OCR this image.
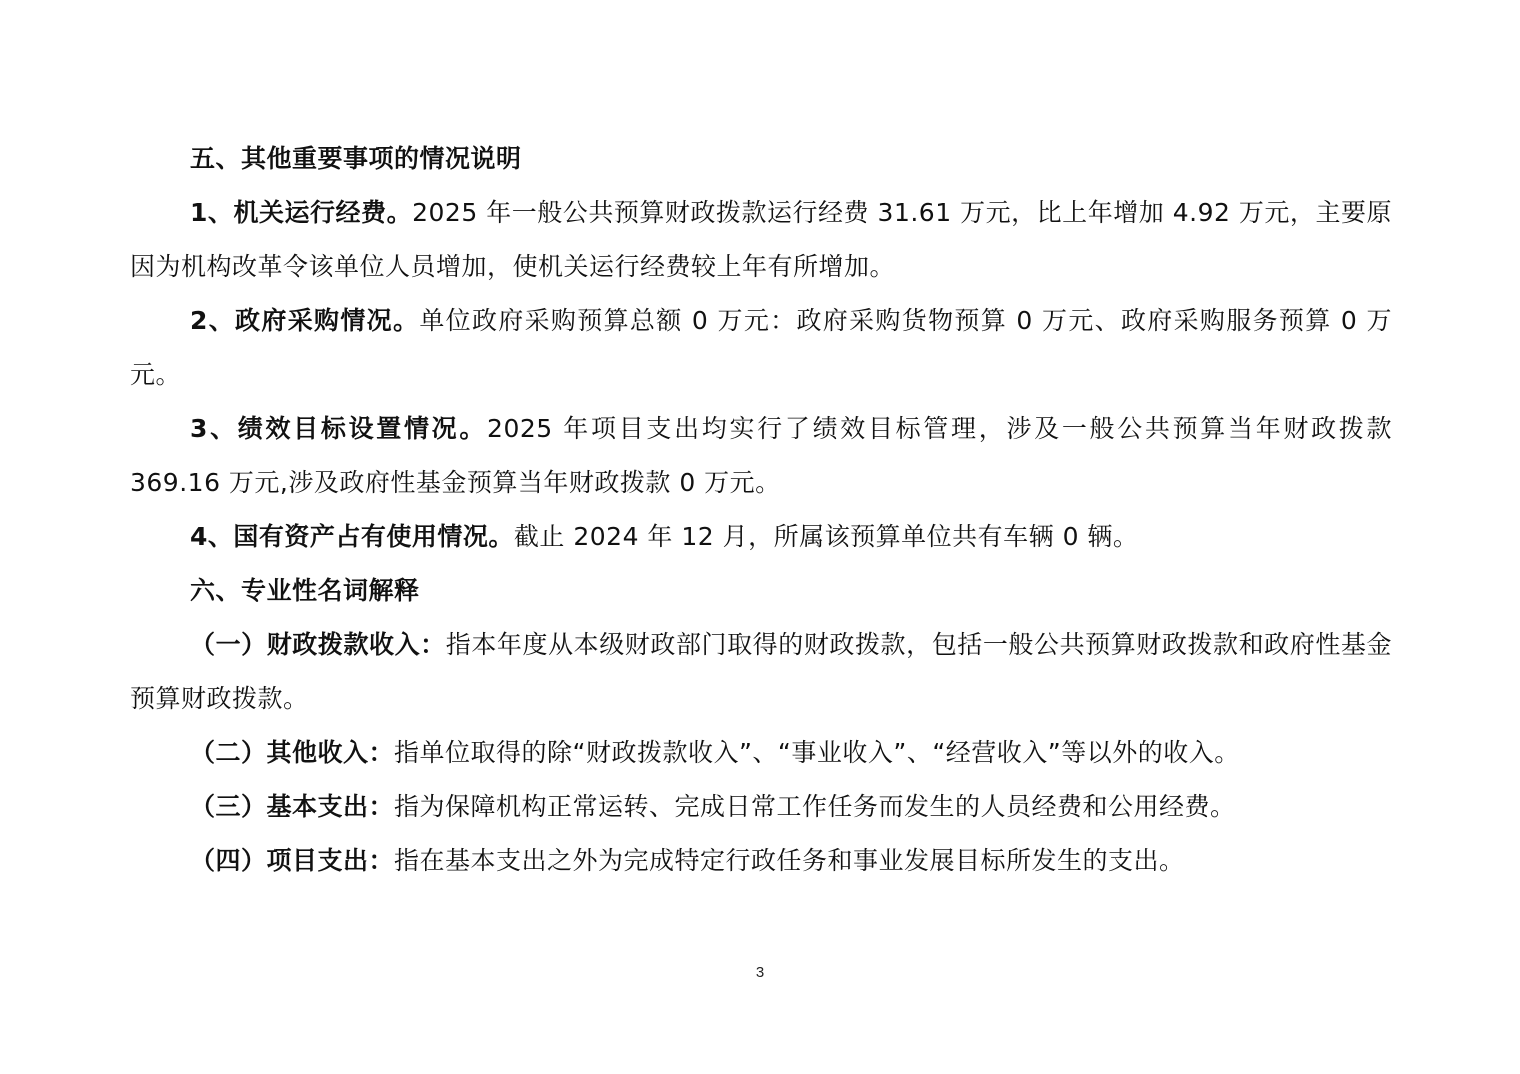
五、其他重要事项的情况说明

1、机关运行经费。2025 年一般公共预算财政拨款运行经费 31.61 万元，比上年增加 4.92 万元，主要原因为机构改革令该单位人员增加，使机关运行经费较上年有所增加。

2、政府采购情况。单位政府采购预算总额 0 万元：政府采购货物预算 0 万元、政府采购服务预算 0 万元。

3、绩效目标设置情况。2025 年项目支出均实行了绩效目标管理，涉及一般公共预算当年财政拨款 369.16 万元,涉及政府性基金预算当年财政拨款 0 万元。

4、国有资产占有使用情况。截止 2024 年 12 月，所属该预算单位共有车辆 0 辆。

六、专业性名词解释

（一）财政拨款收入：指本年度从本级财政部门取得的财政拨款，包括一般公共预算财政拨款和政府性基金预算财政拨款。

（二）其他收入：指单位取得的除“财政拨款收入”、“事业收入”、“经营收入”等以外的收入。

（三）基本支出：指为保障机构正常运转、完成日常工作任务而发生的人员经费和公用经费。

（四）项目支出：指在基本支出之外为完成特定行政任务和事业发展目标所发生的支出。

3
